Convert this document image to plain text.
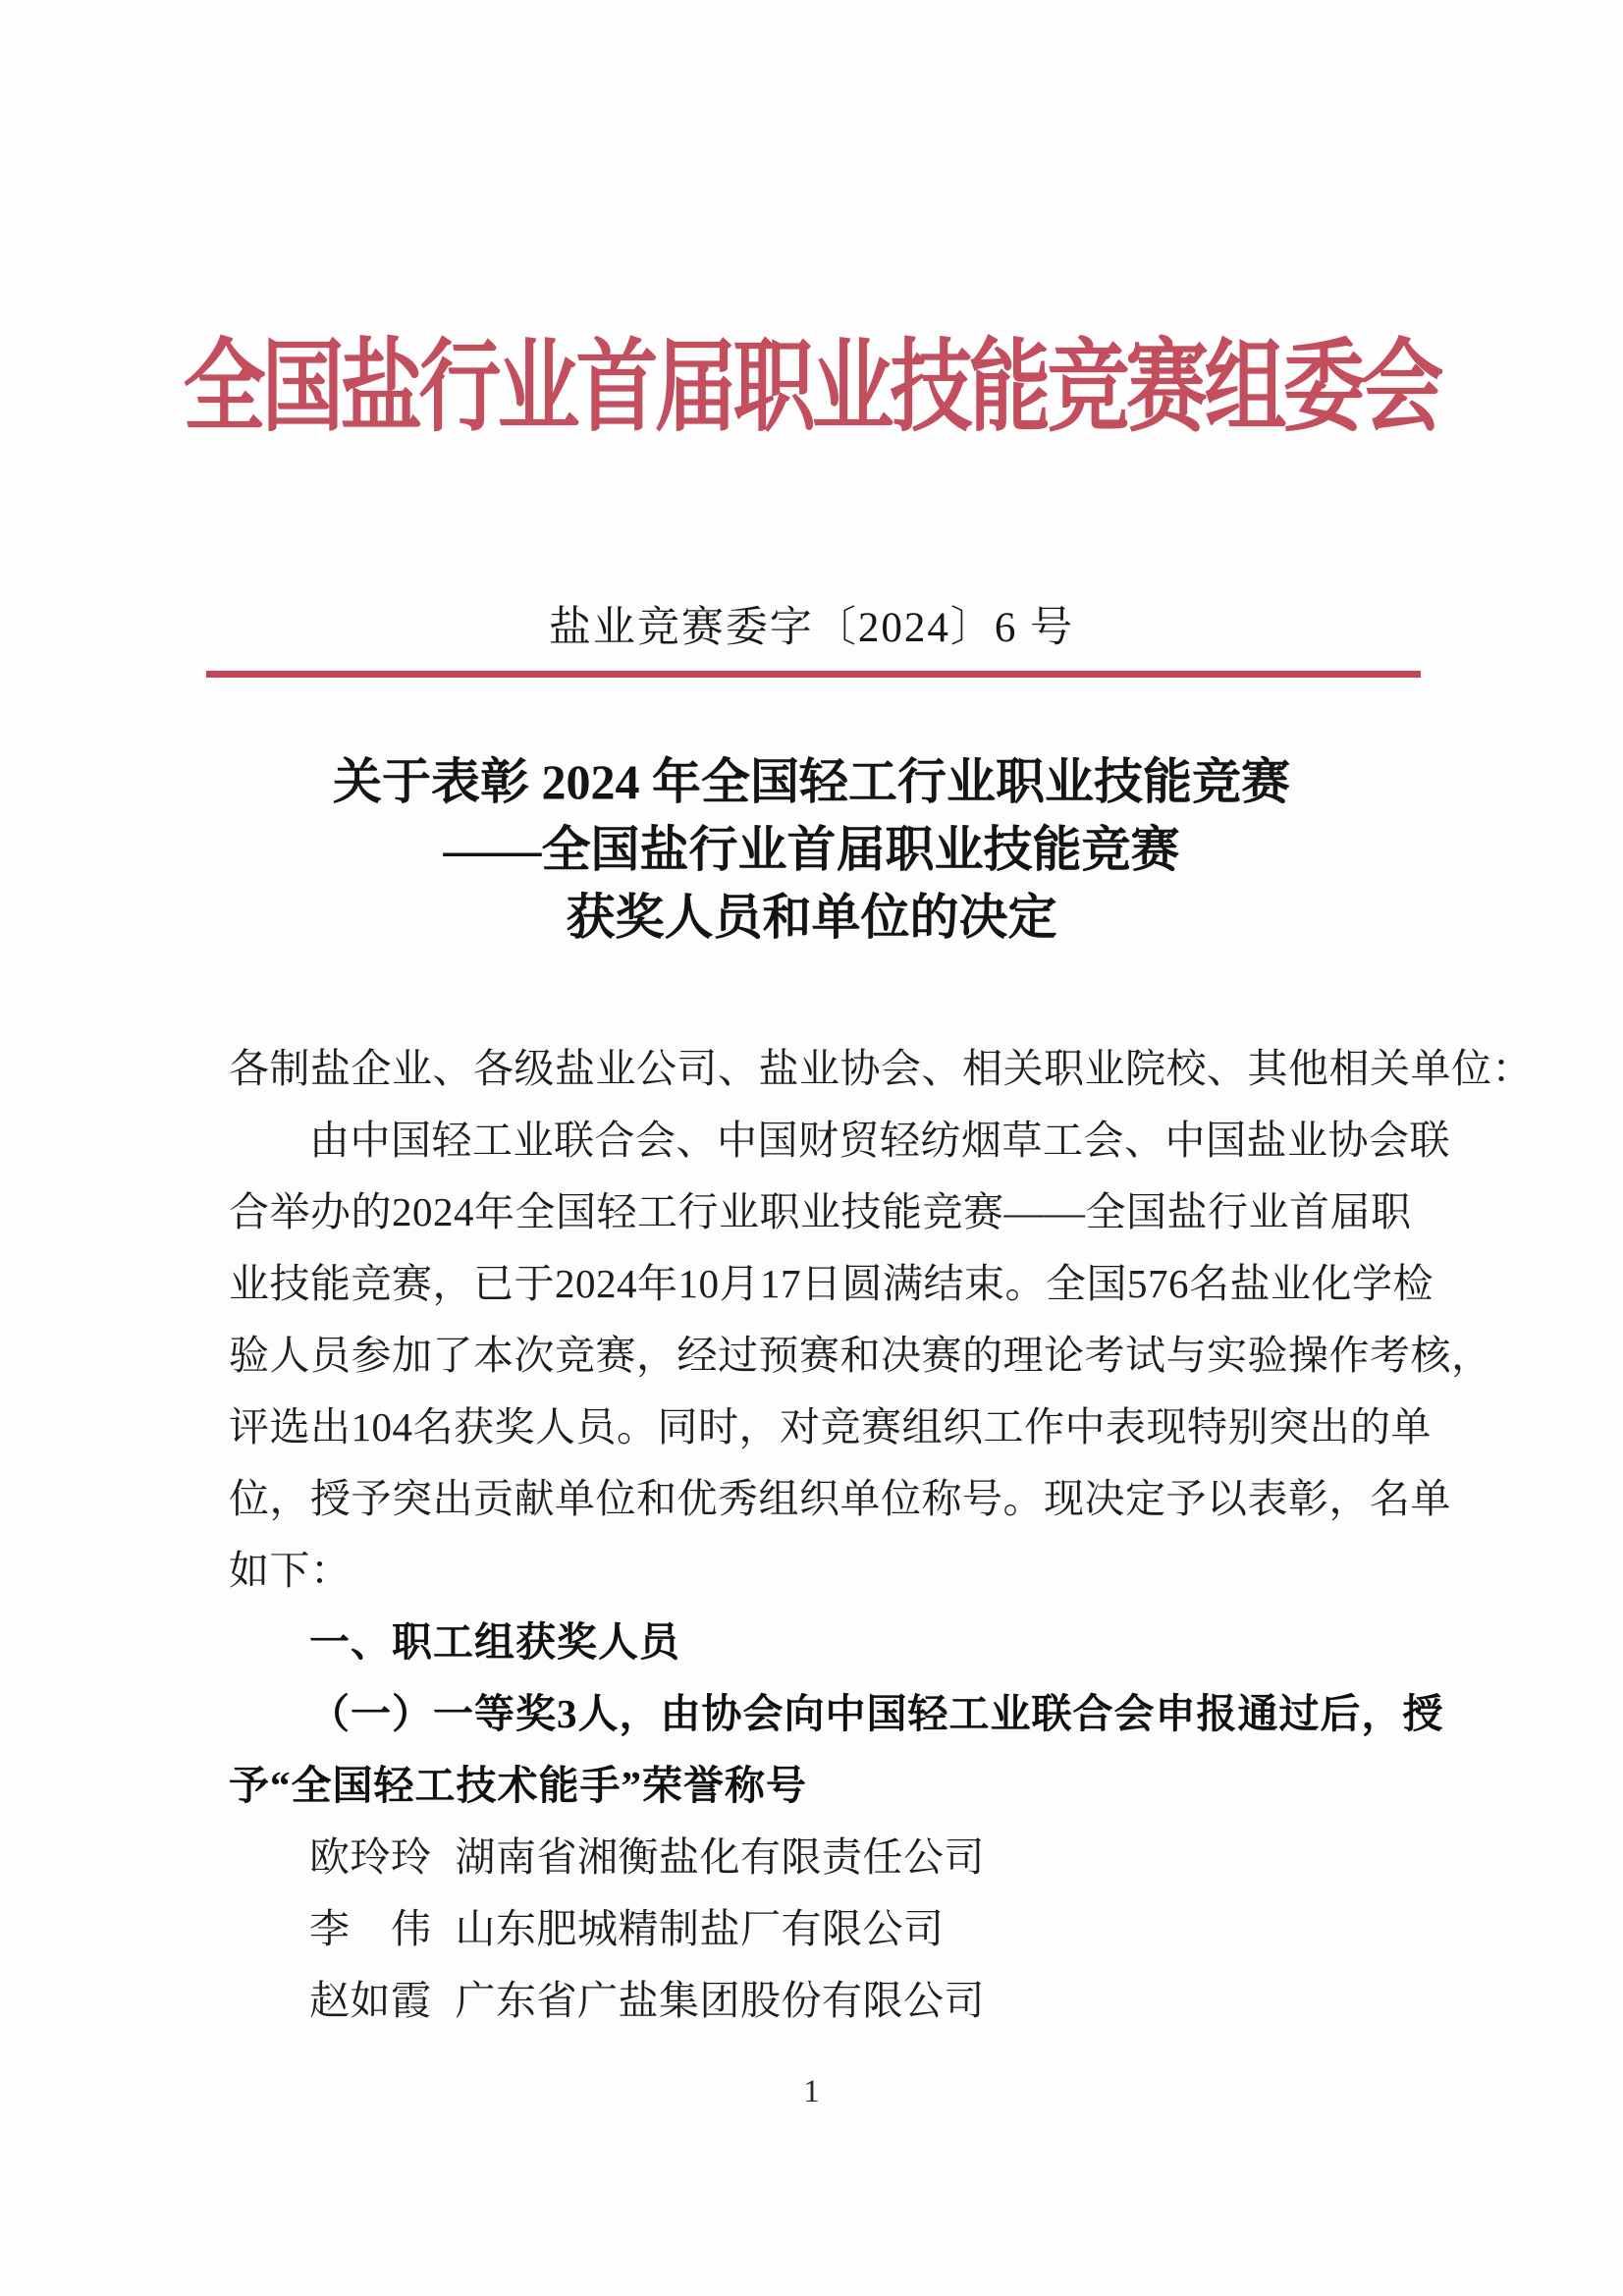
全国盐行业首届职业技能竞赛组委会
盐业竞赛委字〔2024〕6 号
关于表彰 2024 年全国轻工行业职业技能竞赛
——全国盐行业首届职业技能竞赛
获奖人员和单位的决定
各制盐企业、各级盐业公司、盐业协会、相关职业院校、其他相关单位：
由中国轻工业联合会、中国财贸轻纺烟草工会、中国盐业协会联
合举办的2024年全国轻工行业职业技能竞赛——全国盐行业首届职
业技能竞赛，已于2024年10月17日圆满结束。全国576名盐业化学检
验人员参加了本次竞赛，经过预赛和决赛的理论考试与实验操作考核，
评选出104名获奖人员。同时，对竞赛组织工作中表现特别突出的单
位，授予突出贡献单位和优秀组织单位称号。现决定予以表彰，名单
如下：
一、职工组获奖人员
（一）一等奖3人，由协会向中国轻工业联合会申报通过后，授
予“全国轻工技术能手”荣誉称号
欧玲玲 湖南省湘衡盐化有限责任公司
李　伟 山东肥城精制盐厂有限公司
赵如霞 广东省广盐集团股份有限公司
1
